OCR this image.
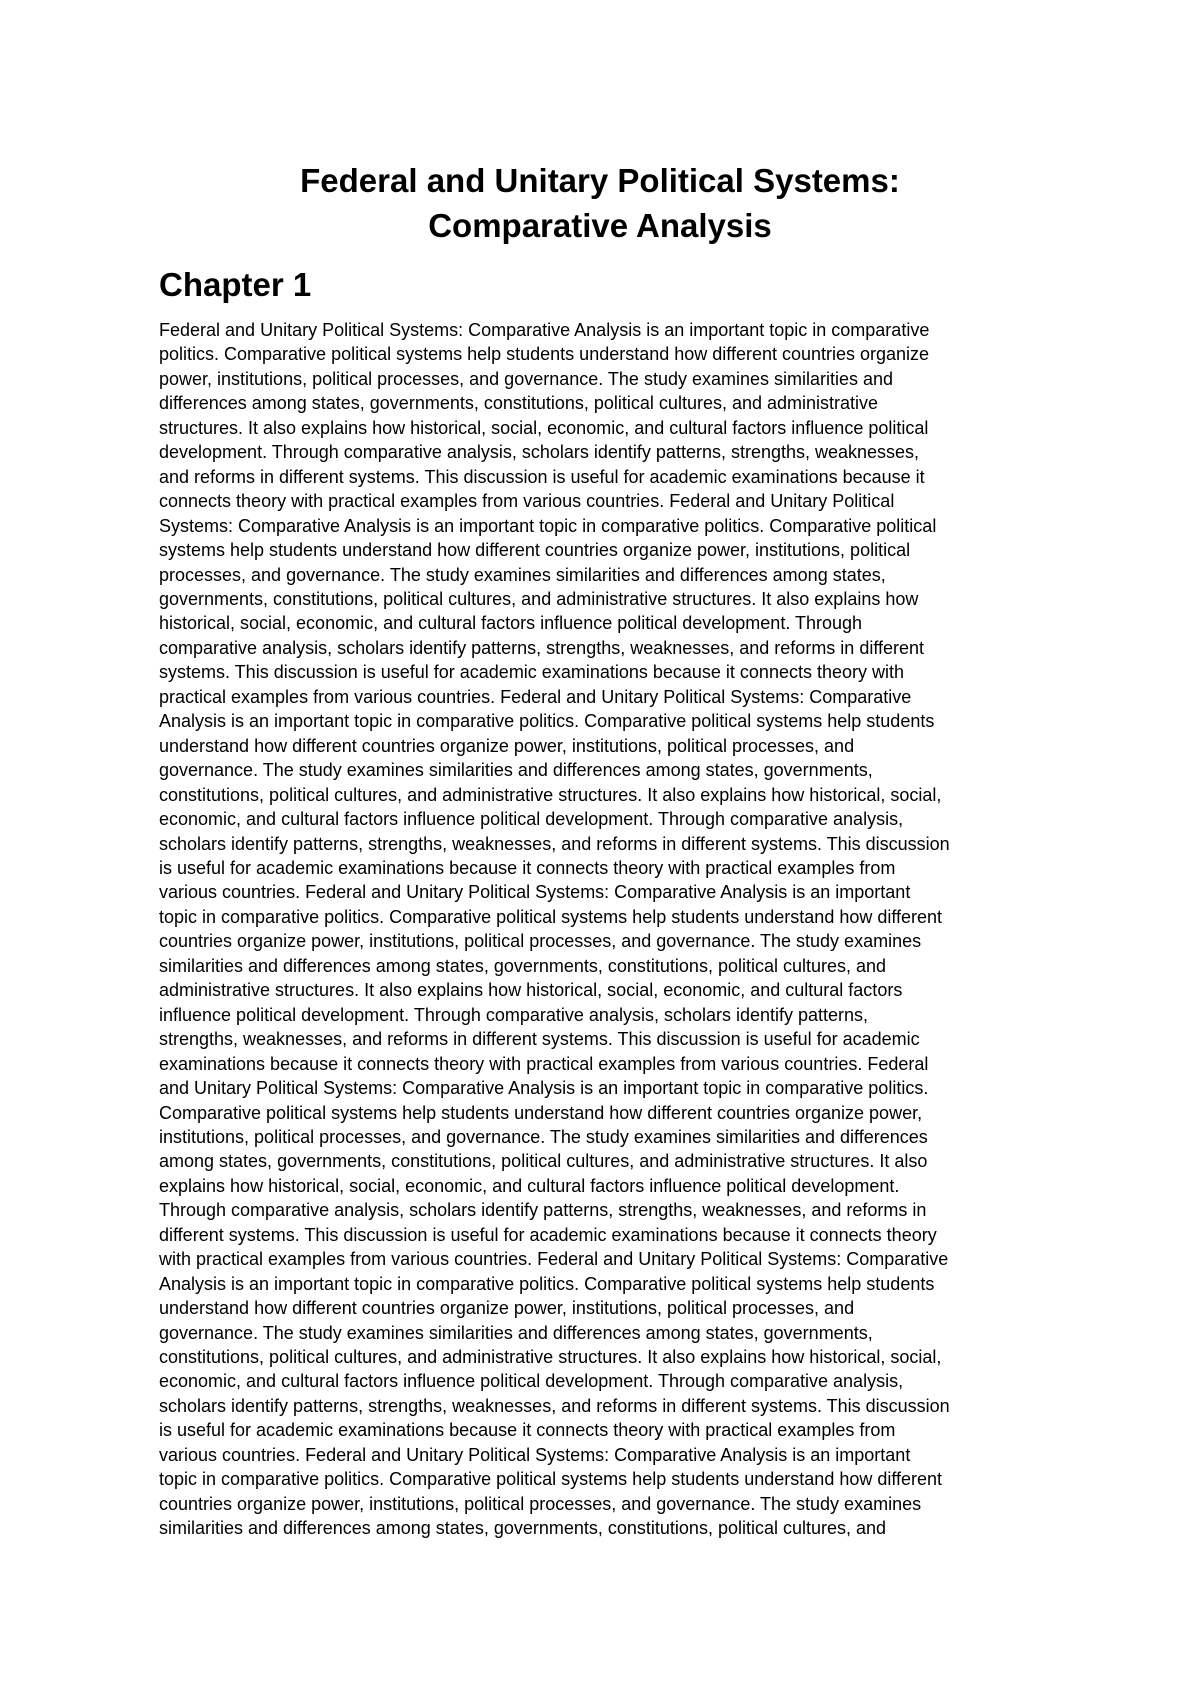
Federal and Unitary Political Systems:
Comparative Analysis
Chapter 1
Federal and Unitary Political Systems: Comparative Analysis is an important topic in comparative
politics. Comparative political systems help students understand how different countries organize
power, institutions, political processes, and governance. The study examines similarities and
differences among states, governments, constitutions, political cultures, and administrative
structures. It also explains how historical, social, economic, and cultural factors influence political
development. Through comparative analysis, scholars identify patterns, strengths, weaknesses,
and reforms in different systems. This discussion is useful for academic examinations because it
connects theory with practical examples from various countries. Federal and Unitary Political
Systems: Comparative Analysis is an important topic in comparative politics. Comparative political
systems help students understand how different countries organize power, institutions, political
processes, and governance. The study examines similarities and differences among states,
governments, constitutions, political cultures, and administrative structures. It also explains how
historical, social, economic, and cultural factors influence political development. Through
comparative analysis, scholars identify patterns, strengths, weaknesses, and reforms in different
systems. This discussion is useful for academic examinations because it connects theory with
practical examples from various countries. Federal and Unitary Political Systems: Comparative
Analysis is an important topic in comparative politics. Comparative political systems help students
understand how different countries organize power, institutions, political processes, and
governance. The study examines similarities and differences among states, governments,
constitutions, political cultures, and administrative structures. It also explains how historical, social,
economic, and cultural factors influence political development. Through comparative analysis,
scholars identify patterns, strengths, weaknesses, and reforms in different systems. This discussion
is useful for academic examinations because it connects theory with practical examples from
various countries. Federal and Unitary Political Systems: Comparative Analysis is an important
topic in comparative politics. Comparative political systems help students understand how different
countries organize power, institutions, political processes, and governance. The study examines
similarities and differences among states, governments, constitutions, political cultures, and
administrative structures. It also explains how historical, social, economic, and cultural factors
influence political development. Through comparative analysis, scholars identify patterns,
strengths, weaknesses, and reforms in different systems. This discussion is useful for academic
examinations because it connects theory with practical examples from various countries. Federal
and Unitary Political Systems: Comparative Analysis is an important topic in comparative politics.
Comparative political systems help students understand how different countries organize power,
institutions, political processes, and governance. The study examines similarities and differences
among states, governments, constitutions, political cultures, and administrative structures. It also
explains how historical, social, economic, and cultural factors influence political development.
Through comparative analysis, scholars identify patterns, strengths, weaknesses, and reforms in
different systems. This discussion is useful for academic examinations because it connects theory
with practical examples from various countries. Federal and Unitary Political Systems: Comparative
Analysis is an important topic in comparative politics. Comparative political systems help students
understand how different countries organize power, institutions, political processes, and
governance. The study examines similarities and differences among states, governments,
constitutions, political cultures, and administrative structures. It also explains how historical, social,
economic, and cultural factors influence political development. Through comparative analysis,
scholars identify patterns, strengths, weaknesses, and reforms in different systems. This discussion
is useful for academic examinations because it connects theory with practical examples from
various countries. Federal and Unitary Political Systems: Comparative Analysis is an important
topic in comparative politics. Comparative political systems help students understand how different
countries organize power, institutions, political processes, and governance. The study examines
similarities and differences among states, governments, constitutions, political cultures, and
